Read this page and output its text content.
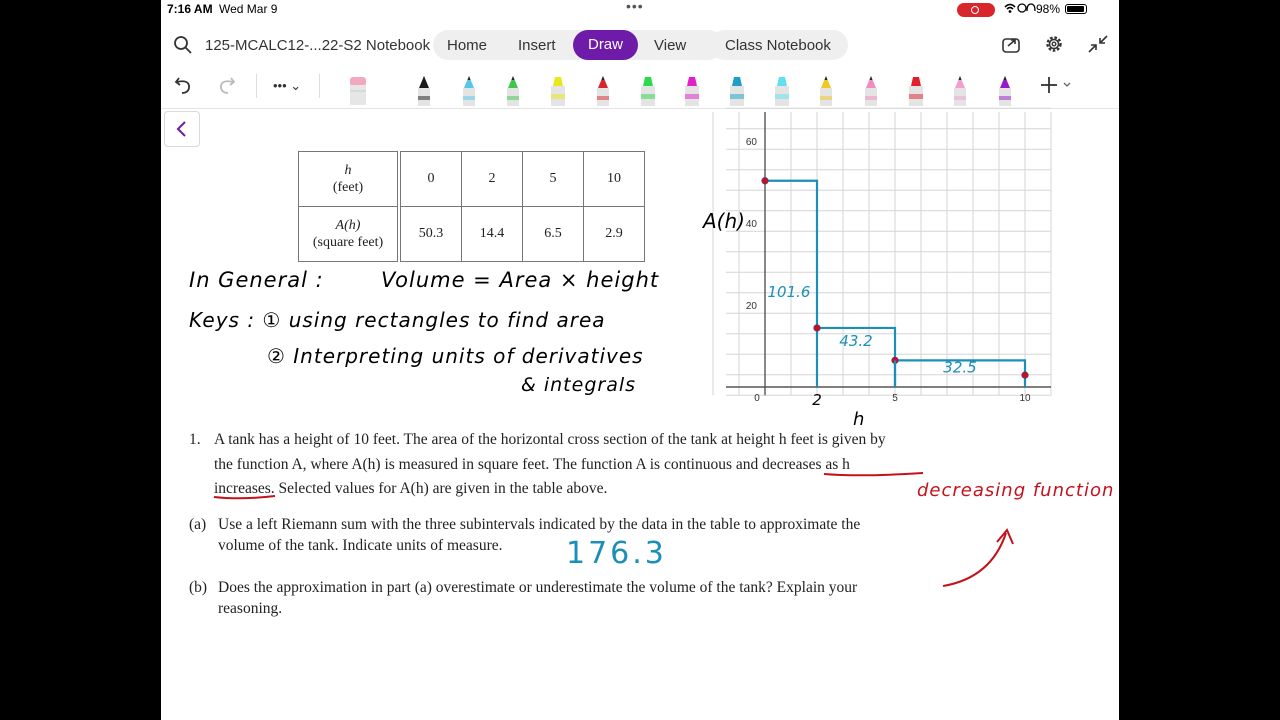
7:16 AM Wed Mar 9	•••	98%
125-MCALC12-...22-S2 Notebook Home Insert	Draw	View	Class Notebook
••• ⌄
h
(feet)	0	2	5	10
A(h)
(square feet)	50.3	14.4	6.5	2.9
In General :	Volume = Area × height
Keys : ① using rectangles to find area
② Interpreting units of derivatives
& integrals
60
40
20
0	5	10
2
101.6
43.2
32.5
A(h)
h
1. A tank has a height of 10 feet. The area of the horizontal cross section of the tank at height h feet is given by
the function A, where A(h) is measured in square feet. The function A is continuous and decreases as h
increases. Selected values for A(h) are given in the table above.
(a) Use a left Riemann sum with the three subintervals indicated by the data in the table to approximate the
volume of the tank. Indicate units of measure.
(b) Does the approximation in part (a) overestimate or underestimate the volume of the tank? Explain your
reasoning.
decreasing function
176.3
